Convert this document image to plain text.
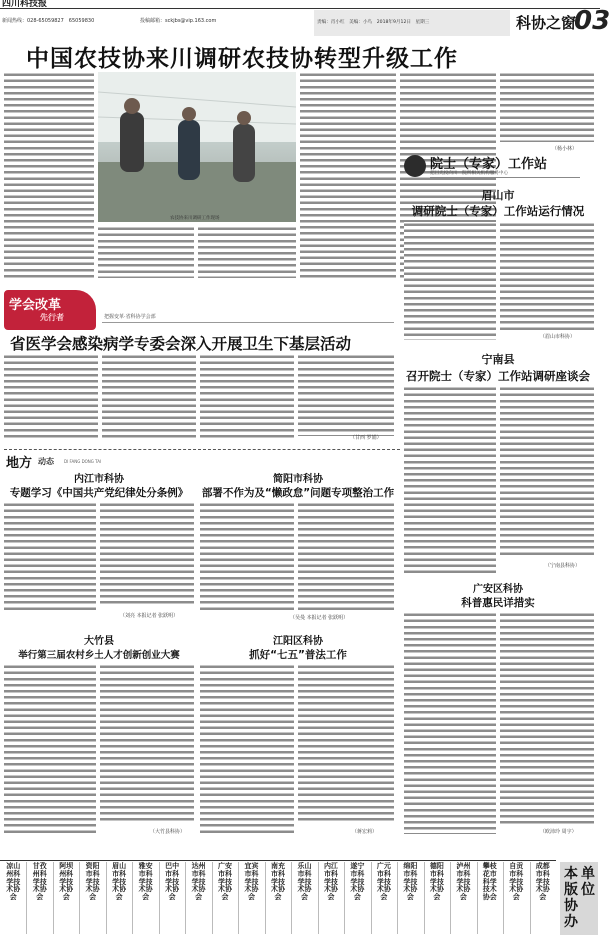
四川科技报
新闻热线：028-65059827　65059830	投稿邮箱：sckjbs@vip.163.com	责编：肖小红　美编：小鸟　2018年9月12日　星期三	科协之窗
03
中国农技协来川调研农技协转型升级工作
农技协来川调研工作现场
（杨小林）
院士（专家）工作站
把目光投向川　院所相关机构服务中心
眉山市
调研院士（专家）工作站运行情况
（眉山市科协）
宁南县
召开院士（专家）工作站调研座谈会
（宁南县科协）
学会改革
先行者	把握变革·省科协学会部
省医学会感染病学专委会深入开展卫生下基层活动
（甘西 罗娟）
地方 动态	DI FANG DONG TAI
内江市科协
专题学习《中国共产党纪律处分条例》
（刘亮 本报记者 张跃明）
简阳市科协
部署不作为及“懒政怠”问题专项整治工作
（吴曼 本报记者 张跃明）
大竹县
举行第三届农村乡土人才创新创业大赛
（大竹县科协）
江阳区科协
抓好“七五”普法工作
（蒋宏莉）
广安区科协
科普惠民详措实
（欧沛玲 周宇）
凉山州科学技术协会
甘孜州科学技术协会
阿坝州科学技术协会
资阳市科学技术协会
眉山市科学技术协会
雅安市科学技术协会
巴中市科学技术协会
达州市科学技术协会
广安市科学技术协会
宜宾市科学技术协会
南充市科学技术协会
乐山市科学技术协会
内江市科学技术协会
遂宁市科学技术协会
广元市科学技术协会
绵阳市科学技术协会
德阳市科学技术协会
泸州市科学技术协会
攀枝花市科学技术协会
自贡市科学技术协会
成都市科学技术协会
本版协办
单位
